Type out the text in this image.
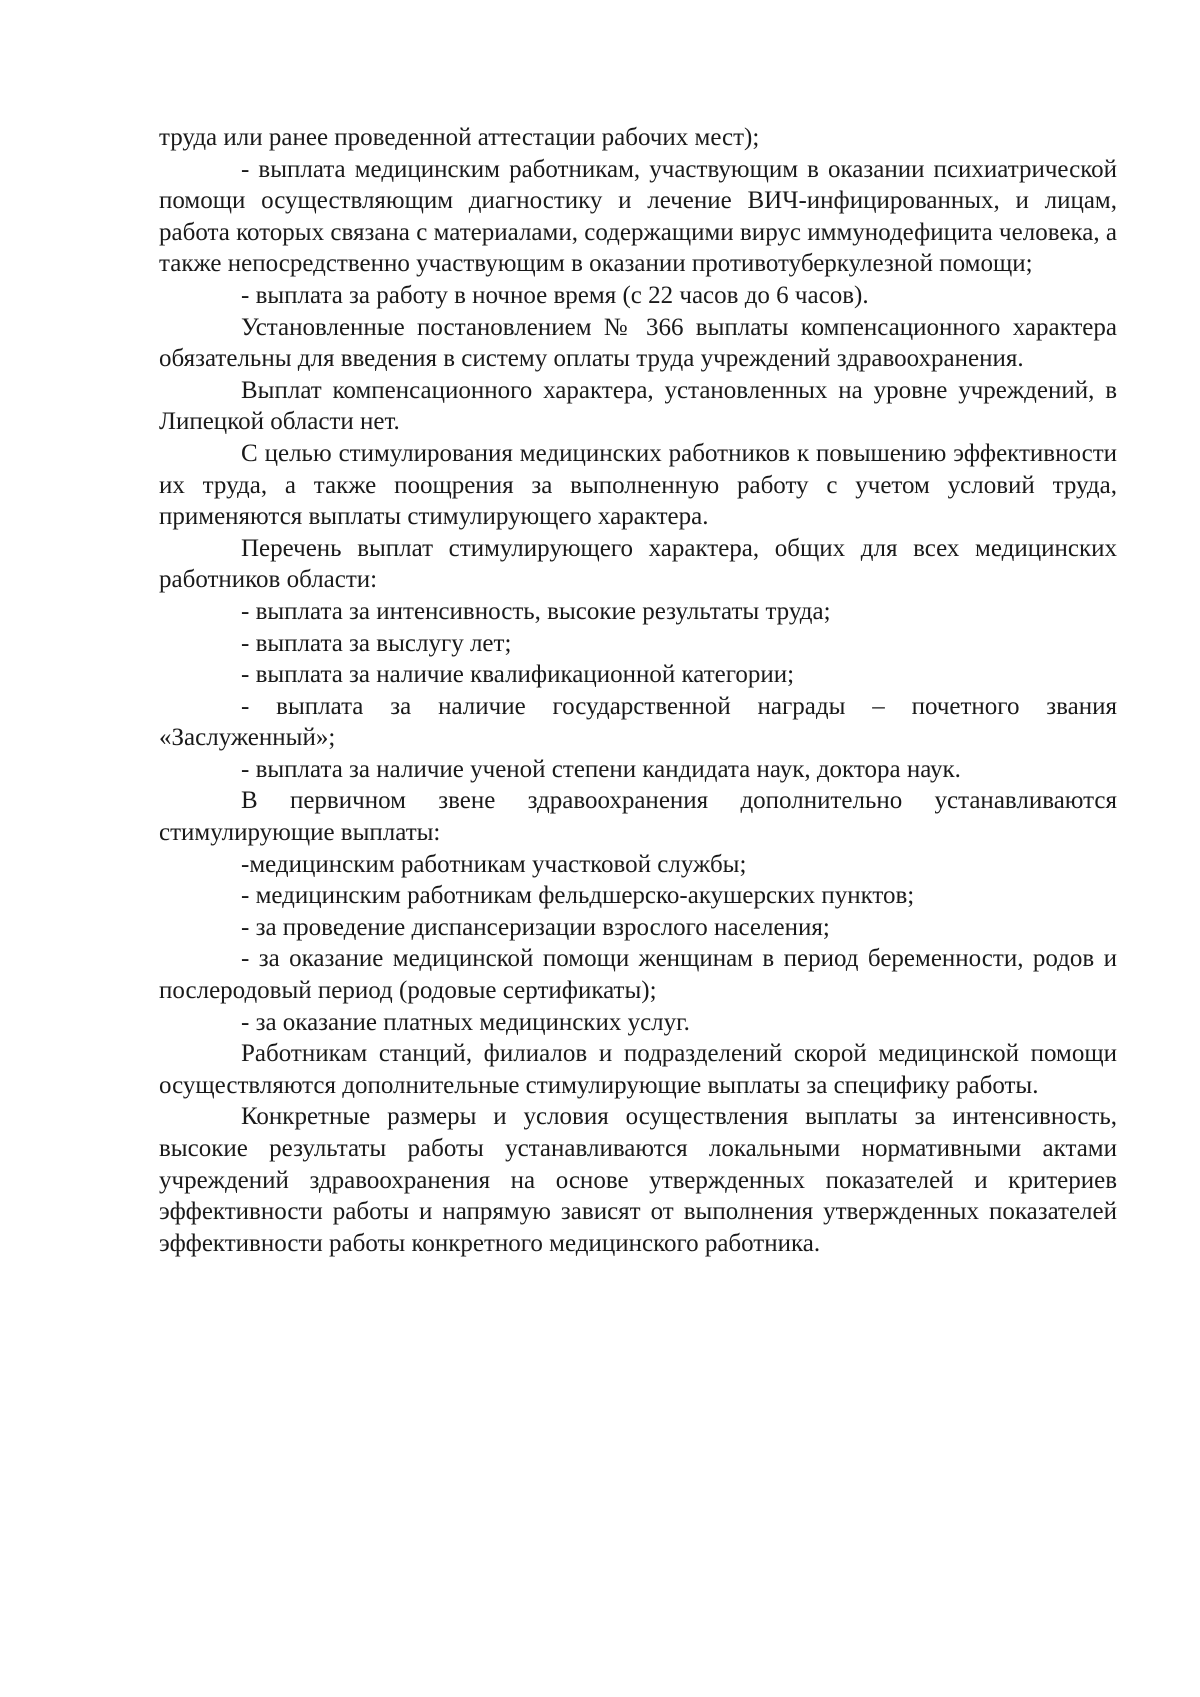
труда или ранее проведенной аттестации рабочих мест);

- выплата медицинским работникам, участвующим в оказании психиатрической помощи осуществляющим диагностику и лечение ВИЧ-инфицированных, и лицам, работа которых связана с материалами, содержащими вирус иммунодефицита человека, а также непосредственно участвующим в оказании противотуберкулезной помощи;

- выплата за работу в ночное время (с 22 часов до 6 часов).

Установленные постановлением № 366 выплаты компенсационного характера обязательны для введения в систему оплаты труда учреждений здравоохранения.

Выплат компенсационного характера, установленных на уровне учреждений, в Липецкой области нет.

С целью стимулирования медицинских работников к повышению эффективности их труда, а также поощрения за выполненную работу с учетом условий труда, применяются выплаты стимулирующего характера.

Перечень выплат стимулирующего характера, общих для всех медицинских работников области:

- выплата за интенсивность, высокие результаты труда;

- выплата за выслугу лет;

- выплата за наличие квалификационной категории;

- выплата за наличие государственной награды – почетного звания «Заслуженный»;

- выплата за наличие ученой степени кандидата наук, доктора наук.

В первичном звене здравоохранения дополнительно устанавливаются стимулирующие выплаты:

-медицинским работникам участковой службы;

- медицинским работникам фельдшерско-акушерских пунктов;

- за проведение диспансеризации взрослого населения;

- за оказание медицинской помощи женщинам в период беременности, родов и послеродовый период (родовые сертификаты);

- за оказание платных медицинских услуг.

Работникам станций, филиалов и подразделений скорой медицинской помощи осуществляются дополнительные стимулирующие выплаты за специфику работы.

Конкретные размеры и условия осуществления выплаты за интенсивность, высокие результаты работы устанавливаются локальными нормативными актами учреждений здравоохранения на основе утвержденных показателей и критериев эффективности работы и напрямую зависят от выполнения утвержденных показателей эффективности работы конкретного медицинского работника.
